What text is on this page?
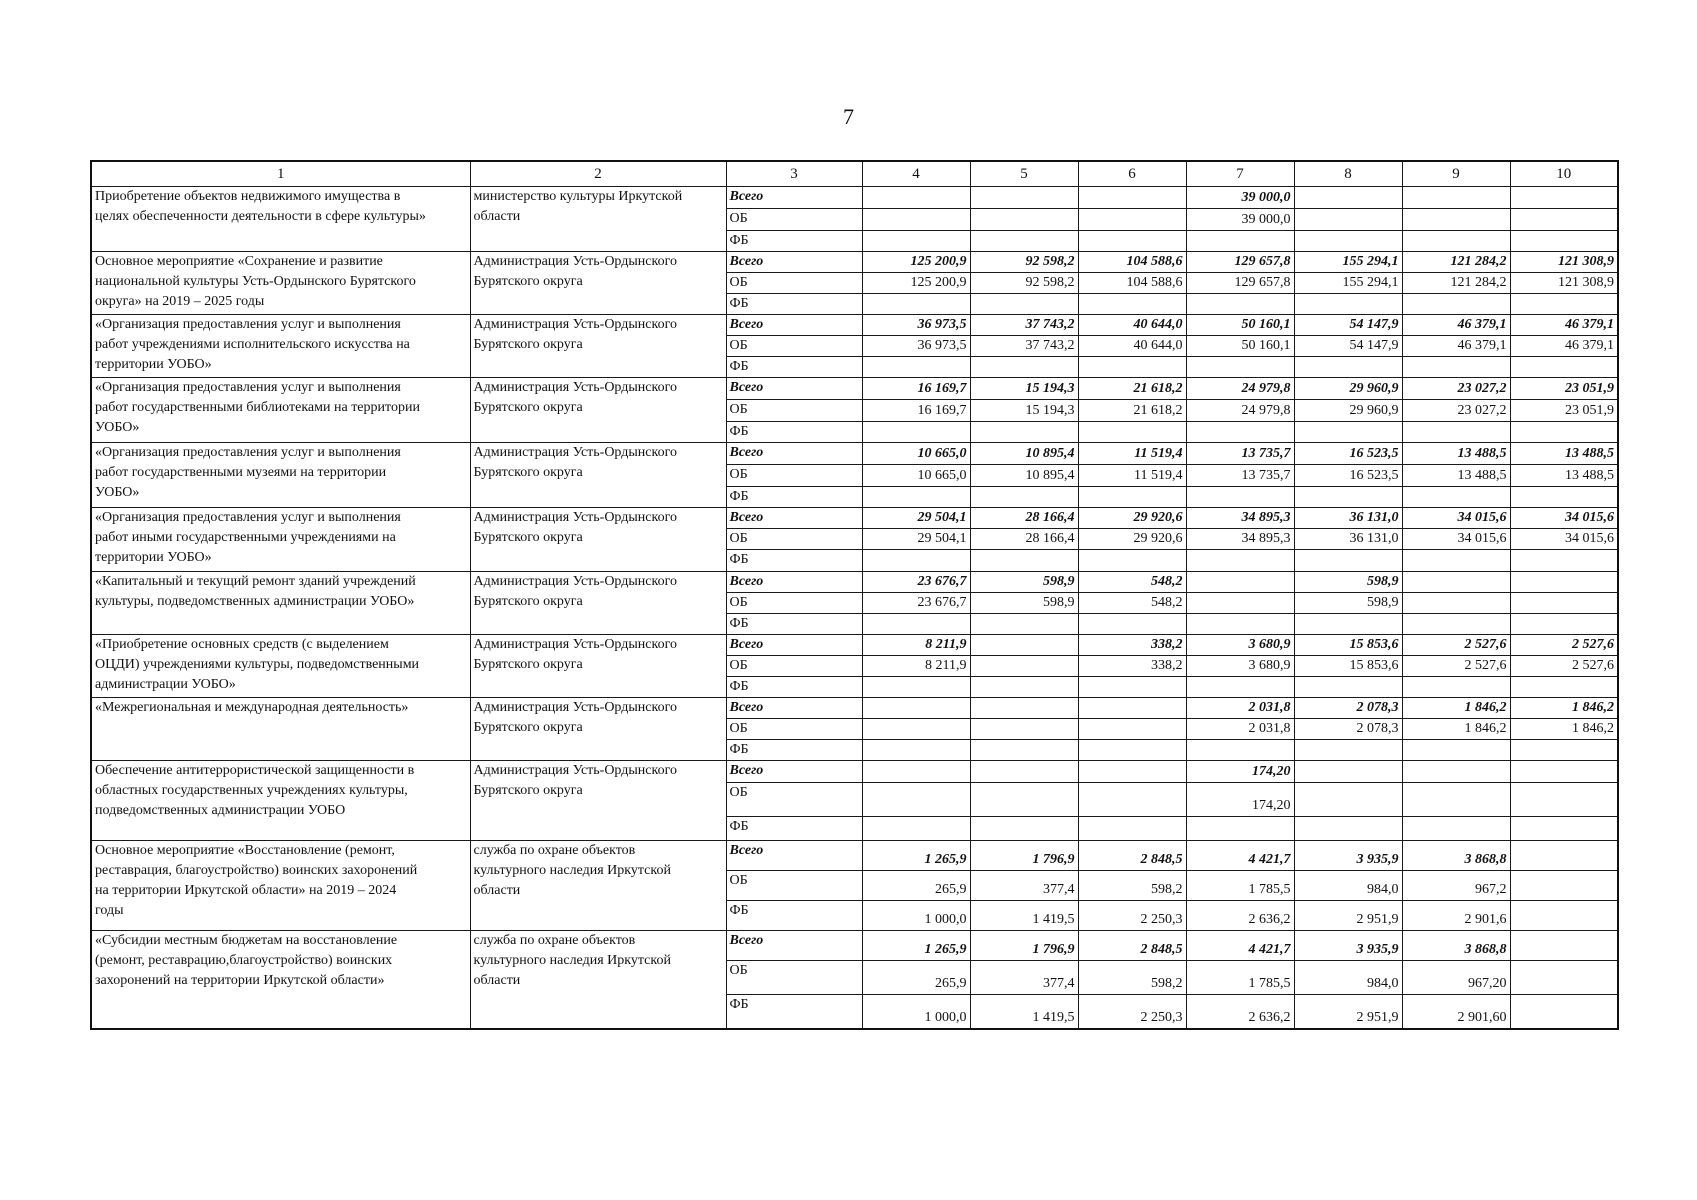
7
1	2	3	4	5	6	7	8	9	10
Приобретение объектов недвижимого имущества в
целях обеспеченности деятельности в сфере культуры»	министерство культуры Иркутской
области	Всего				39 000,0			
		ОБ				39 000,0			
		ФБ							
Основное мероприятие «Сохранение и развитие
национальной культуры Усть-Ордынского Бурятского
округа» на 2019 – 2025 годы	Администрация Усть-Ордынского
Бурятского округа	Всего	125 200,9	92 598,2	104 588,6	129 657,8	155 294,1	121 284,2	121 308,9
		ОБ	125 200,9	92 598,2	104 588,6	129 657,8	155 294,1	121 284,2	121 308,9
		ФБ							
«Организация предоставления услуг и выполнения
работ учреждениями исполнительского искусства на
территории УОБО»	Администрация Усть-Ордынского
Бурятского округа	Всего	36 973,5	37 743,2	40 644,0	50 160,1	54 147,9	46 379,1	46 379,1
		ОБ	36 973,5	37 743,2	40 644,0	50 160,1	54 147,9	46 379,1	46 379,1
		ФБ							
«Организация предоставления услуг и выполнения
работ государственными библиотеками на территории
УОБО»	Администрация Усть-Ордынского
Бурятского округа	Всего	16 169,7	15 194,3	21 618,2	24 979,8	29 960,9	23 027,2	23 051,9
		ОБ	16 169,7	15 194,3	21 618,2	24 979,8	29 960,9	23 027,2	23 051,9
		ФБ							
«Организация предоставления услуг и выполнения
работ государственными музеями на территории
УОБО»	Администрация Усть-Ордынского
Бурятского округа	Всего	10 665,0	10 895,4	11 519,4	13 735,7	16 523,5	13 488,5	13 488,5
		ОБ	10 665,0	10 895,4	11 519,4	13 735,7	16 523,5	13 488,5	13 488,5
		ФБ							
«Организация предоставления услуг и выполнения
работ иными государственными учреждениями на
территории УОБО»	Администрация Усть-Ордынского
Бурятского округа	Всего	29 504,1	28 166,4	29 920,6	34 895,3	36 131,0	34 015,6	34 015,6
		ОБ	29 504,1	28 166,4	29 920,6	34 895,3	36 131,0	34 015,6	34 015,6
		ФБ							
«Капитальный и текущий ремонт зданий учреждений
культуры, подведомственных администрации УОБО»	Администрация Усть-Ордынского
Бурятского округа	Всего	23 676,7	598,9	548,2		598,9		
		ОБ	23 676,7	598,9	548,2		598,9		
		ФБ							
«Приобретение основных средств (с выделением
ОЦДИ) учреждениями культуры, подведомственными
администрации УОБО»	Администрация Усть-Ордынского
Бурятского округа	Всего	8 211,9		338,2	3 680,9	15 853,6	2 527,6	2 527,6
		ОБ	8 211,9		338,2	3 680,9	15 853,6	2 527,6	2 527,6
		ФБ							
«Межрегиональная и международная деятельность»	Администрация Усть-Ордынского
Бурятского округа	Всего				2 031,8	2 078,3	1 846,2	1 846,2
		ОБ				2 031,8	2 078,3	1 846,2	1 846,2
		ФБ							
Обеспечение антитеррористической защищенности в
областных государственных учреждениях культуры,
подведомственных администрации УОБО	Администрация Усть-Ордынского
Бурятского округа	Всего				174,20			
		ОБ				174,20			
		ФБ							
Основное мероприятие «Восстановление (ремонт,
реставрация, благоустройство) воинских захоронений
на территории Иркутской области» на 2019 – 2024
годы	служба по охране объектов
культурного наследия Иркутской
области	Всего	1 265,9	1 796,9	2 848,5	4 421,7	3 935,9	3 868,8	
		ОБ	265,9	377,4	598,2	1 785,5	984,0	967,2	
		ФБ	1 000,0	1 419,5	2 250,3	2 636,2	2 951,9	2 901,6	
«Субсидии местным бюджетам на восстановление
(ремонт, реставрацию,благоустройство) воинских
захоронений на территории Иркутской области»	служба по охране объектов
культурного наследия Иркутской
области	Всего	1 265,9	1 796,9	2 848,5	4 421,7	3 935,9	3 868,8	
		ОБ	265,9	377,4	598,2	1 785,5	984,0	967,20	
		ФБ	1 000,0	1 419,5	2 250,3	2 636,2	2 951,9	2 901,60	
